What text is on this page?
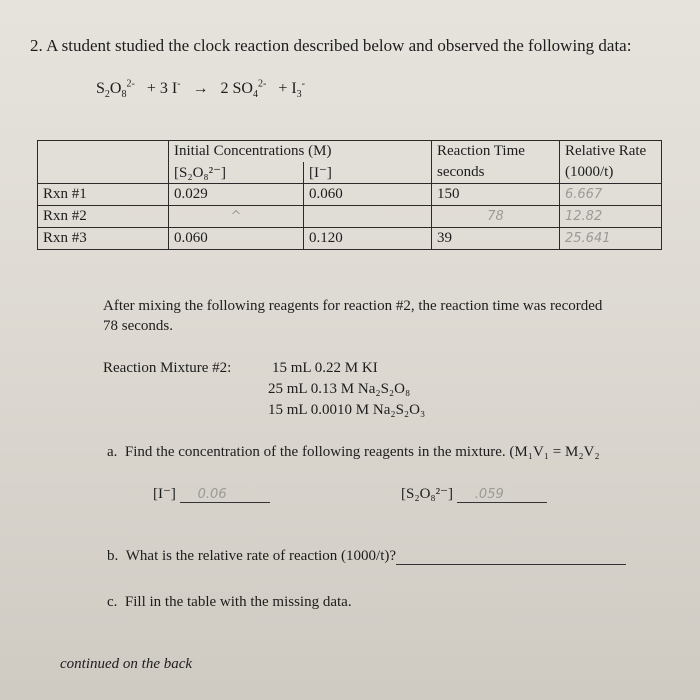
2. A student studied the clock reaction described below and observed the following data:
$S_2O_8^{2-} + 3$ I- → 2 $SO_4^{2-} + I_3^-$
	Initial Concentrations (M)		Reaction Time	Relative Rate
	[S₂O₈²⁻]	[I⁻]	seconds	(1000/t)
Rxn #1	0.029	0.060	150	6.667
Rxn #2	^		78	12.82
Rxn #3	0.060	0.120	39	25.641
After mixing the following reagents for reaction #2, the reaction time was recorded
78 seconds.
Reaction Mixture #2:	15 mL 0.22 M KI
25 mL 0.13 M Na₂S₂O₈
15 mL 0.0010 M Na₂S₂O₃
a. Find the concentration of the following reagents in the mixture. (M₁V₁ = M₂V₂
[I⁻] 0.06	[S₂O₈²⁻] .059
b. What is the relative rate of reaction (1000/t)?
c. Fill in the table with the missing data.
continued on the back
